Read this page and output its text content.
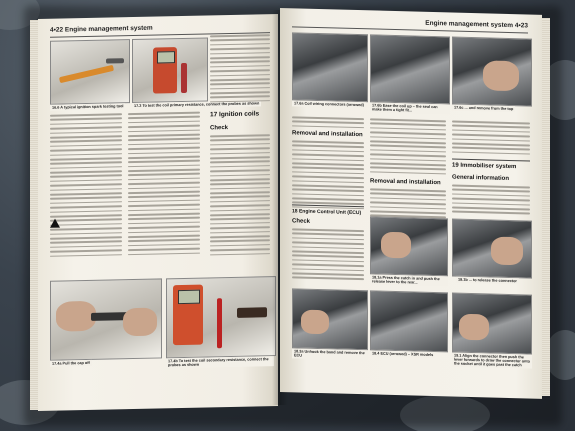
4•22 Engine management system
16.6 A typical ignition spark testing tool	17.3 To test the coil primary resistance, connect the probes as shown
17 Ignition coils
Check
17.4a Pull the cap off
17.4b To test the coil secondary resistance, connect the probes as shown
Engine management system 4•23
17.6a Coil wiring connectors (arrowed)	17.6b Ease the coil up – the seal can make them a tight fit...	17.6c ... and remove from the top
Removal and installation
18 Engine Control Unit (ECU)
Check
Removal and installation
19 Immobiliser system
General information
18.1a Press the catch in and push the release lever to the rear...	18.1b ... to release the connector
18.3a Unhook the band and remove the ECU	18.4 ECU (arrowed) – XSR models	19.1 Align the connector then push the lever forwards to draw the connector onto the socket until it goes past the catch
